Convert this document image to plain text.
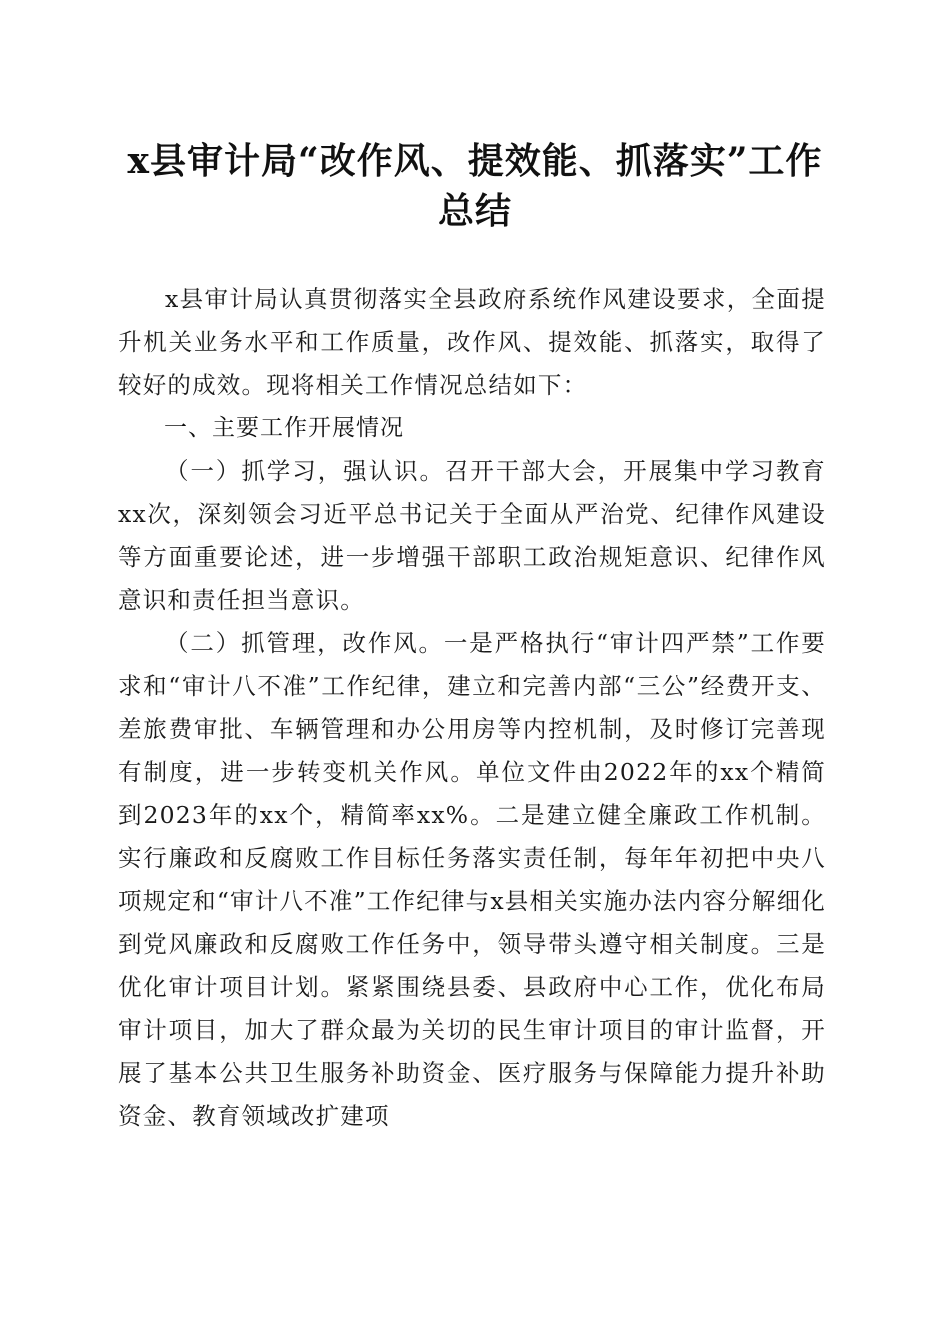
x县审计局“改作风、提效能、抓落实”工作总结

x县审计局认真贯彻落实全县政府系统作风建设要求，全面提升机关业务水平和工作质量，改作风、提效能、抓落实，取得了较好的成效。现将相关工作情况总结如下：

一、主要工作开展情况

（一）抓学习，强认识。召开干部大会，开展集中学习教育xx次，深刻领会习近平总书记关于全面从严治党、纪律作风建设等方面重要论述，进一步增强干部职工政治规矩意识、纪律作风意识和责任担当意识。

（二）抓管理，改作风。一是严格执行“审计四严禁”工作要求和“审计八不准”工作纪律，建立和完善内部“三公”经费开支、差旅费审批、车辆管理和办公用房等内控机制，及时修订完善现有制度，进一步转变机关作风。单位文件由2022年的xx个精简到2023年的xx个，精简率xx%。二是建立健全廉政工作机制。实行廉政和反腐败工作目标任务落实责任制，每年年初把中央八项规定和“审计八不准”工作纪律与x县相关实施办法内容分解细化到党风廉政和反腐败工作任务中，领导带头遵守相关制度。三是优化审计项目计划。紧紧围绕县委、县政府中心工作，优化布局审计项目，加大了群众最为关切的民生审计项目的审计监督，开展了基本公共卫生服务补助资金、医疗服务与保障能力提升补助资金、教育领域改扩建项
